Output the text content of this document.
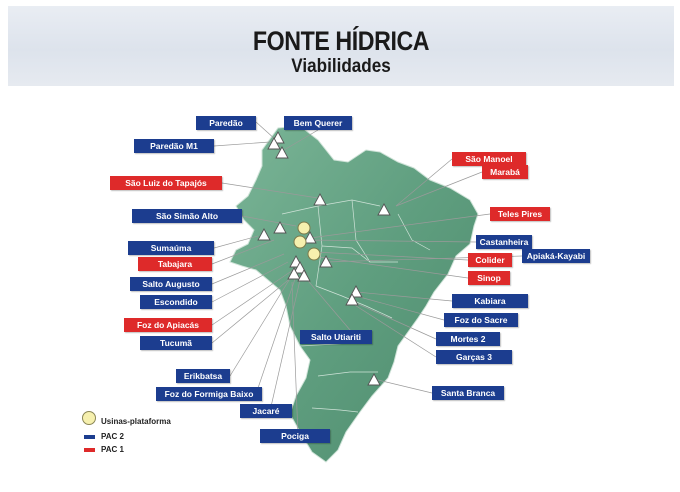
FONTE HÍDRICA
Viabilidades
Paredão	Bem Querer
Paredão M1
São Manoel
Marabá
São Luiz do Tapajós
Teles Pires
São Simão Alto
Castanheira
Sumaúma
Apiaká-Kayabi
Tabajara	Colider
Sinop
Salto Augusto
Escondido	Kabiara
Foz do Apiacás	Foz do Sacre
Tucumã
Salto Utiariti	Mortes 2
Garças 3
Erikbatsa
Santa Branca
Foz do Formiga Baixo
Jacaré
Pociga
Usinas-plataforma
PAC 2
PAC 1
